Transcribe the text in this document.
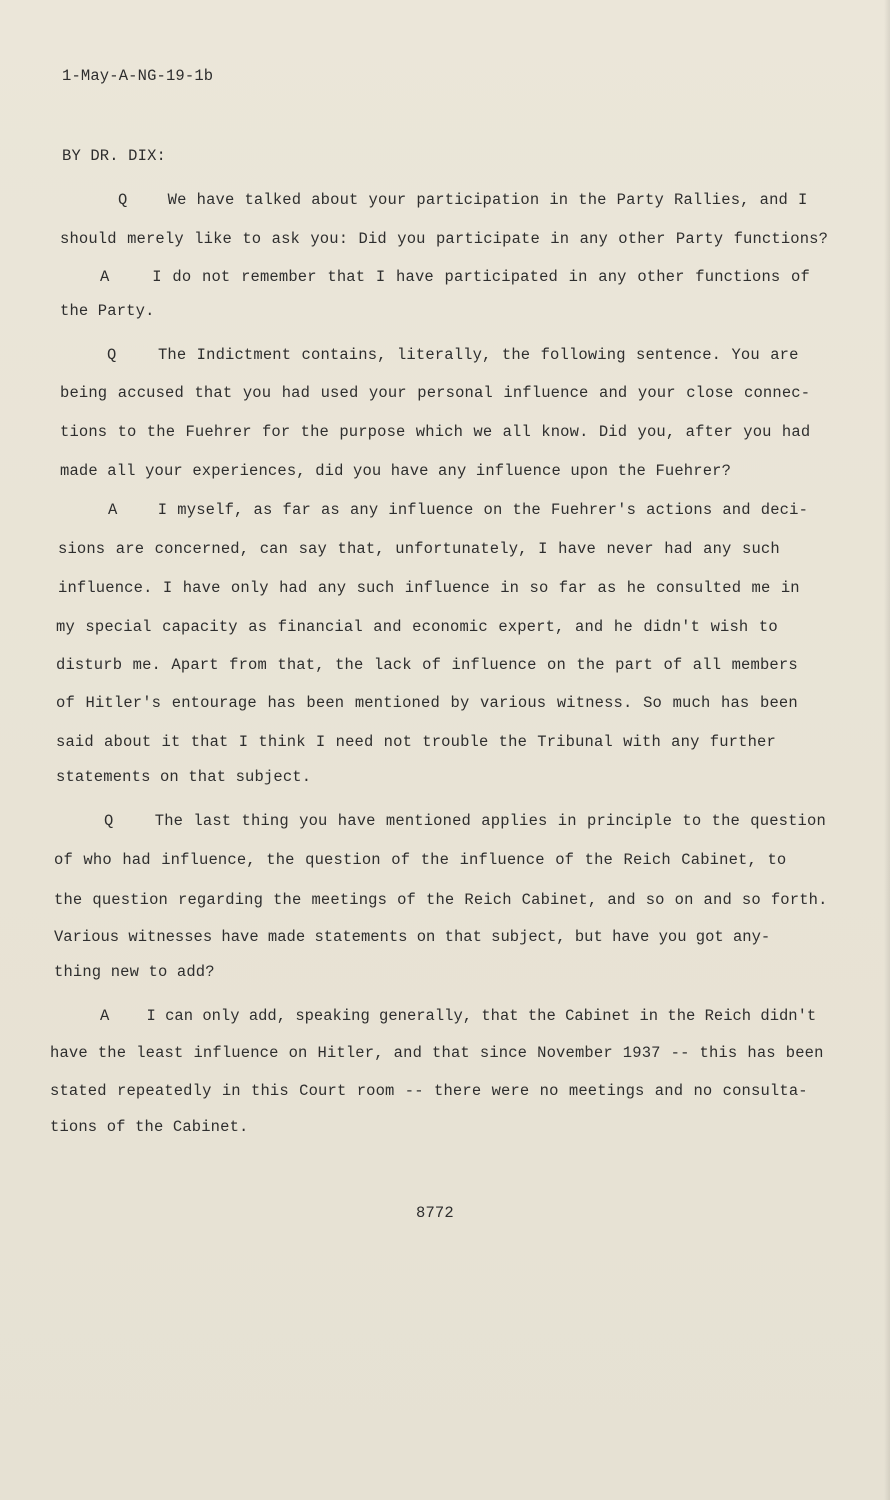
1-May-A-NG-19-1b
BY DR. DIX:
Q    We have talked about your participation in the Party Rallies, and I
should merely like to ask you: Did you participate in any other Party functions?
A    I do not remember that I have participated in any other functions of
the Party.
Q    The Indictment contains, literally, the following sentence. You are
being accused that you had used your personal influence and your close connec-
tions to the Fuehrer for the purpose which we all know. Did you, after you had
made all your experiences, did you have any influence upon the Fuehrer?
A    I myself, as far as any influence on the Fuehrer's actions and deci-
sions are concerned, can say that, unfortunately, I have never had any such
influence. I have only had any such influence in so far as he consulted me in
my special capacity as financial and economic expert, and he didn't wish to
disturb me. Apart from that, the lack of influence on the part of all members
of Hitler's entourage has been mentioned by various witness. So much has been
said about it that I think I need not trouble the Tribunal with any further
statements on that subject.
Q    The last thing you have mentioned applies in principle to the question
of who had influence, the question of the influence of the Reich Cabinet, to
the question regarding the meetings of the Reich Cabinet, and so on and so forth.
Various witnesses have made statements on that subject, but have you got any-
thing new to add?
A    I can only add, speaking generally, that the Cabinet in the Reich didn't
have the least influence on Hitler, and that since November 1937 -- this has been
stated repeatedly in this Court room -- there were no meetings and no consulta-
tions of the Cabinet.
8772
